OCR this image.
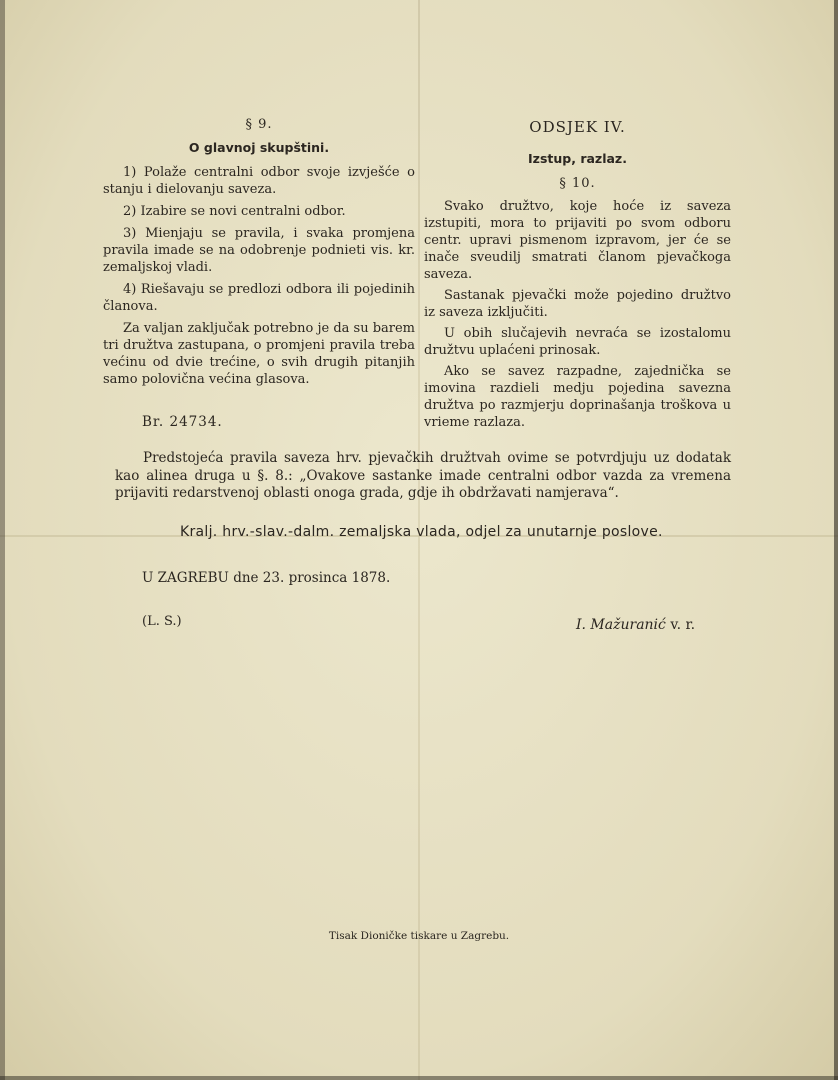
§ 9.
O glavnoj skupštini.

1) Polaže centralni odbor svoje izvješće o stanju i dielovanju saveza.

2) Izabire se novi centralni odbor.

3) Mienjaju se pravila, i svaka promjena pravila imade se na odobrenje podnieti vis. kr. zemaljskoj vladi.

4) Riešavaju se predlozi odbora ili pojedinih članova.

Za valjan zaključak potrebno je da su barem tri družtva zastupana, o promjeni pravila treba većinu od dvie trećine, o svih drugih pitanjih samo polovična većina glasova.

ODSJEK IV.
Izstup, razlaz.
§ 10.

Svako družtvo, koje hoće iz saveza izstupiti, mora to prijaviti po svom odboru centr. upravi pismenom izpravom, jer će se inače sveudilj smatrati članom pjevačkoga saveza.

Sastanak pjevački može pojedino družtvo iz saveza izključiti.

U obih slučajevih nevraća se izostalomu družtvu uplaćeni prinosak.

Ako se savez razpadne, zajednička se imovina razdieli medju pojedina savezna družtva po razmjerju doprinašanja troškova u vrieme razlaza.

Br. 24734.

Predstojeća pravila saveza hrv. pjevačkih družtvah ovime se potvrdjuju uz dodatak kao alinea druga u §. 8.: „Ovakove sastanke imade centralni odbor vazda za vremena prijaviti redarstvenoj oblasti onoga grada, gdje ih obdržavati namjerava“.

Kralj. hrv.-slav.-dalm. zemaljska vlada, odjel za unutarnje poslove.
U ZAGREBU dne 23. prosinca 1878.
(L. S.)	I. Mažuranić v. r.
Tisak Dioničke tiskare u Zagrebu.
